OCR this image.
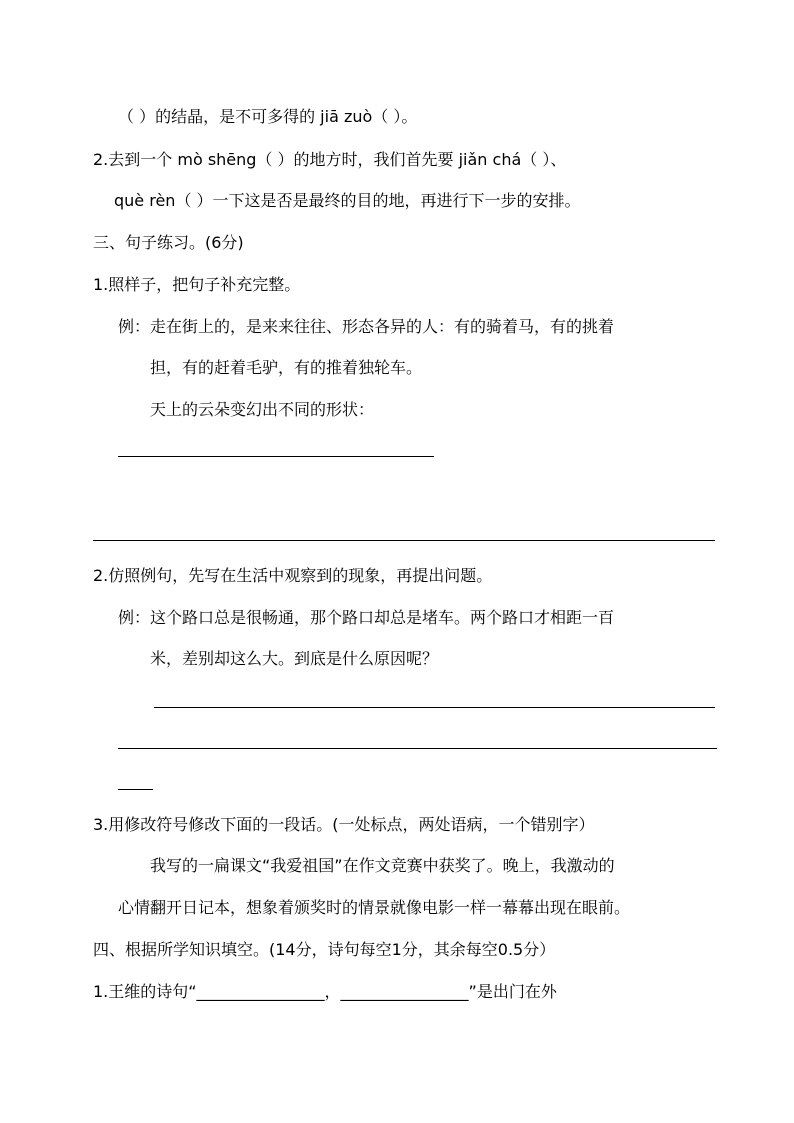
（ ）的结晶，是不可多得的 jiā zuò（ ）。
2.去到一个 mò shēng（ ）的地方时，我们首先要 jiǎn chá（ ）、
què rèn（ ）一下这是否是最终的目的地，再进行下一步的安排。
三、句子练习。(6分)
1.照样子，把句子补充完整。
例：走在街上的，是来来往往、形态各异的人：有的骑着马，有的挑着
担，有的赶着毛驴，有的推着独轮车。
天上的云朵变幻出不同的形状：
2.仿照例句，先写在生活中观察到的现象，再提出问题。
例：这个路口总是很畅通，那个路口却总是堵车。两个路口才相距一百
米，差别却这么大。到底是什么原因呢？
3.用修改符号修改下面的一段话。(一处标点，两处语病，一个错别字）
我写的一扁课文“我爱祖国”在作文竞赛中获奖了。晚上，我激动的
心情翻开日记本，想象着颁奖时的情景就像电影一样一幕幕出现在眼前。
四、根据所学知识填空。(14分，诗句每空1分，其余每空0.5分）
1.王维的诗句“________________，________________”是出门在外
